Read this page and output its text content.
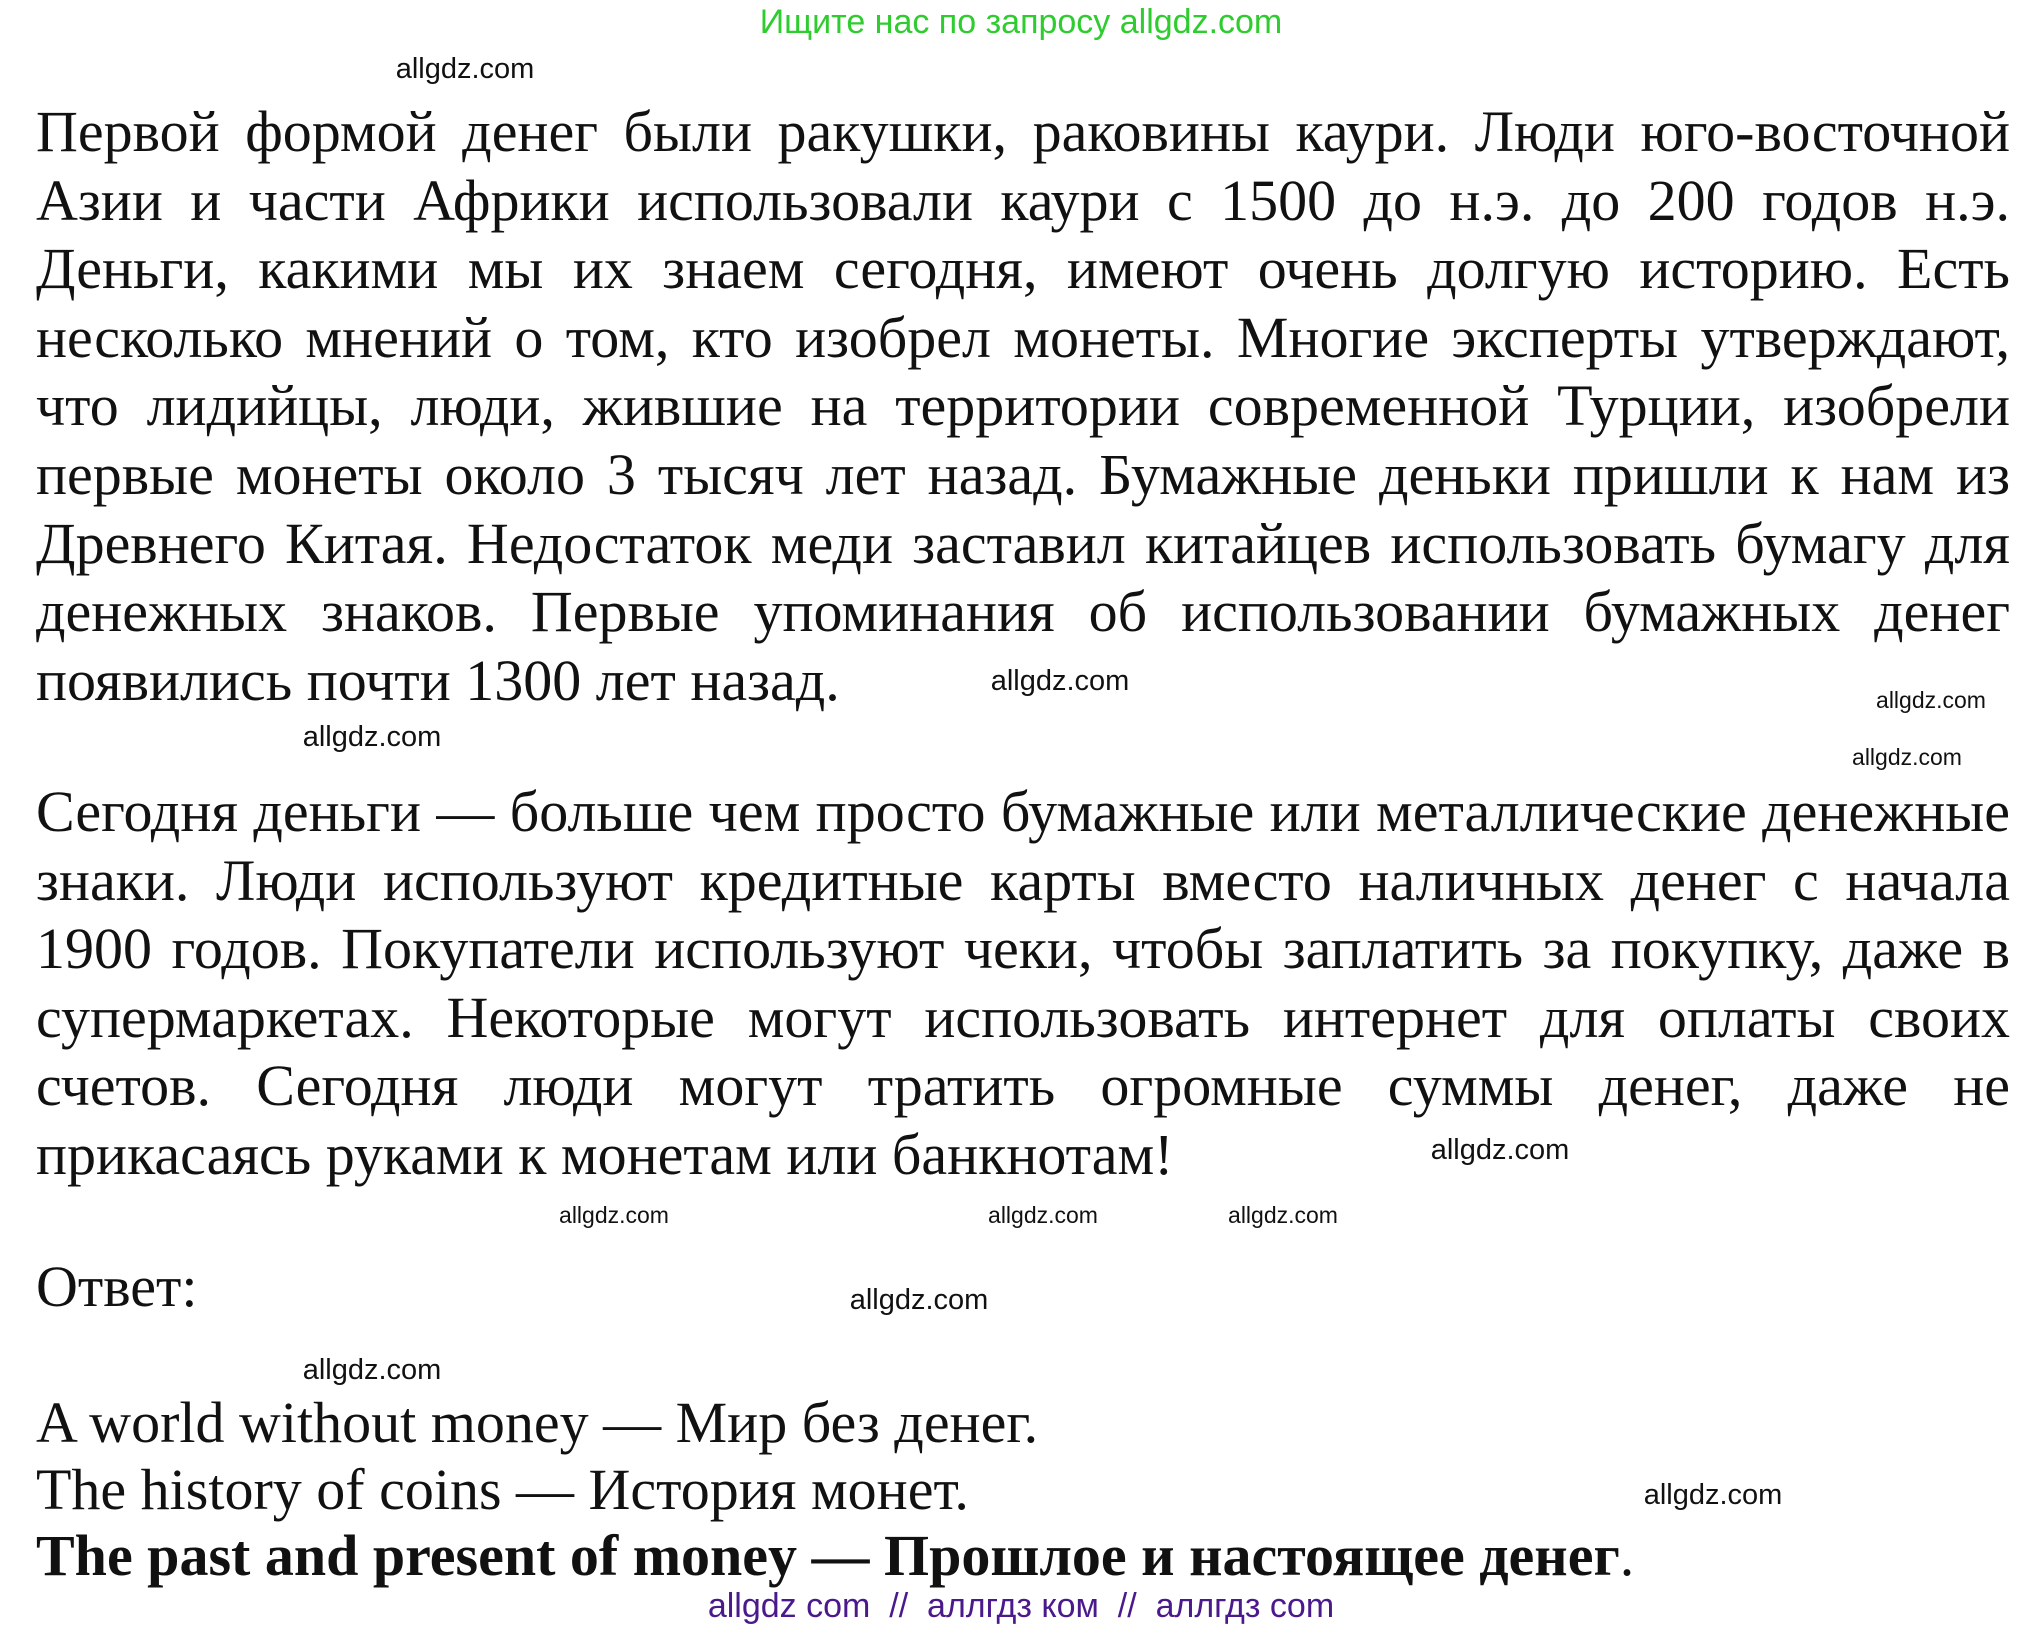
Ищите нас по запросу allgdz.com
Первой формой денег были ракушки, раковины каури. Люди юго-восточной
Азии и части Африки использовали каури с 1500 до н.э. до 200 годов н.э.
Деньги, какими мы их знаем сегодня, имеют очень долгую историю. Есть
несколько мнений о том, кто изобрел монеты. Многие эксперты утверждают,
что лидийцы, люди, жившие на территории современной Турции, изобрели
первые монеты около 3 тысяч лет назад. Бумажные деньки пришли к нам из
Древнего Китая. Недостаток меди заставил китайцев использовать бумагу для
денежных знаков. Первые упоминания об использовании бумажных денег
появились почти 1300 лет назад.
Сегодня деньги — больше чем просто бумажные или металлические денежные
знаки. Люди используют кредитные карты вместо наличных денег с начала
1900 годов. Покупатели используют чеки, чтобы заплатить за покупку, даже в
супермаркетах. Некоторые могут использовать интернет для оплаты своих
счетов. Сегодня люди могут тратить огромные суммы денег, даже не
прикасаясь руками к монетам или банкнотам!
Ответ:
A world without money — Мир без денег.
The history of coins — История монет.
The past and present of money — Прошлое и настоящее денег.
allgdz.com
allgdz.com
allgdz.com
allgdz.com
allgdz.com
allgdz.com
allgdz.com
allgdz.com
allgdz.com
allgdz.com
allgdz.com
allgdz.com
allgdz com  //  аллгдз ком  //  аллгдз com
